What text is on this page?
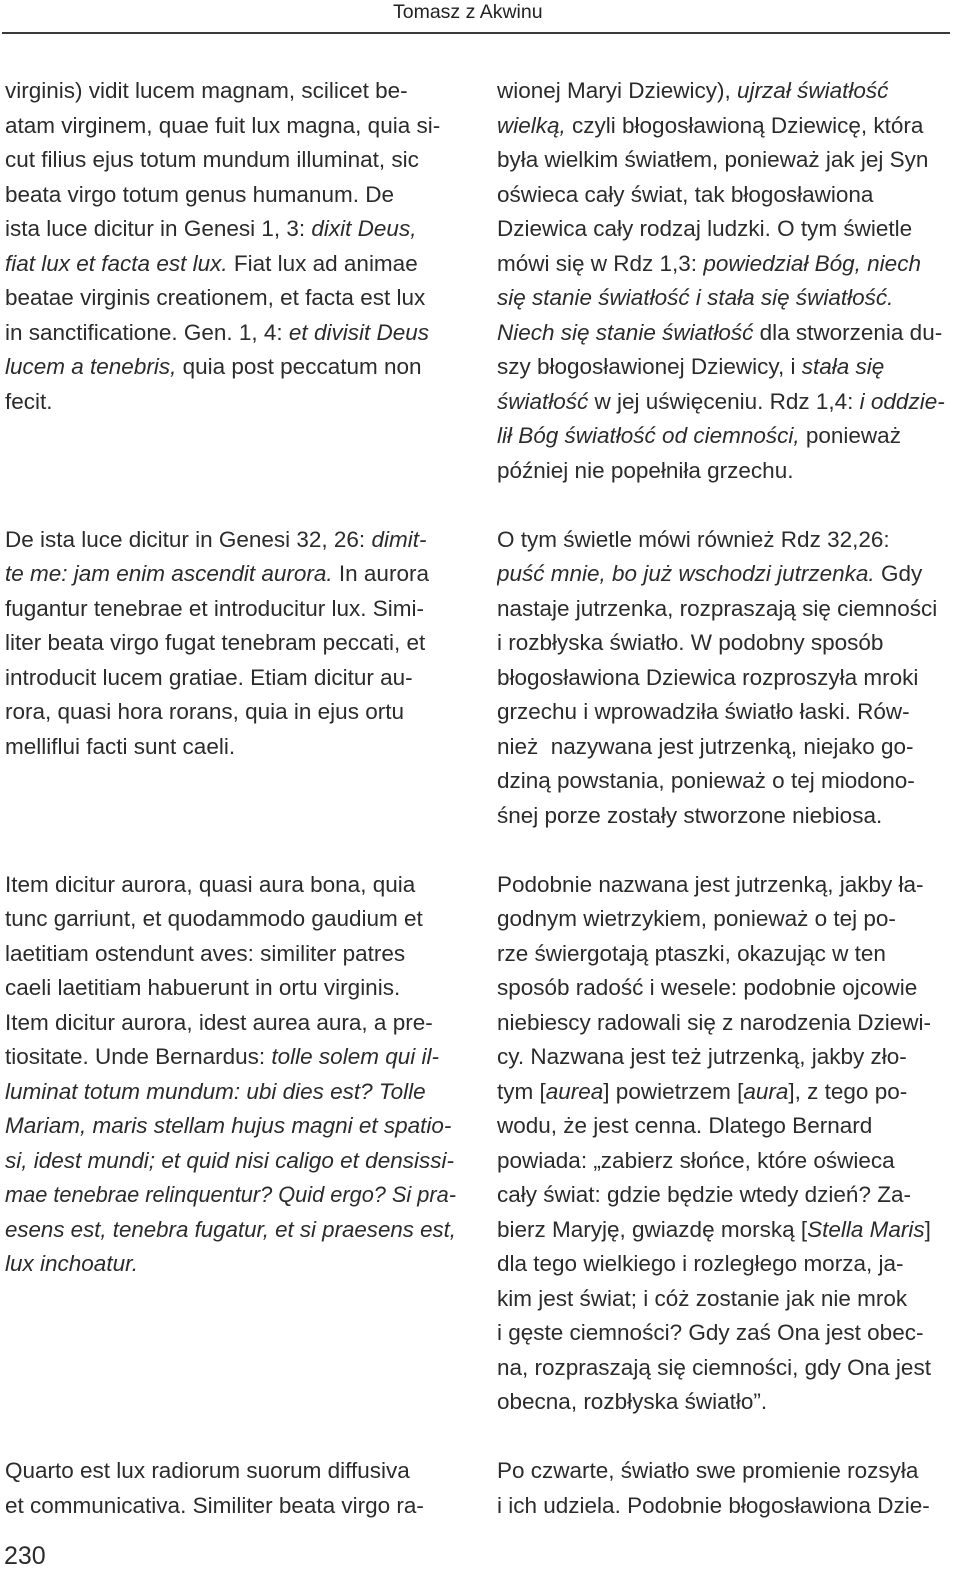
Tomasz z Akwinu
virginis) vidit lucem magnam, scilicet be-
atam virginem, quae fuit lux magna, quia si-
cut filius ejus totum mundum illuminat, sic
beata virgo totum genus humanum. De
ista luce dicitur in Genesi 1, 3: dixit Deus,
fiat lux et facta est lux. Fiat lux ad animae
beatae virginis creationem, et facta est lux
in sanctificatione. Gen. 1, 4: et divisit Deus
lucem a tenebris, quia post peccatum non
fecit.
wionej Maryi Dziewicy), ujrzał światłość
wielką, czyli błogosławioną Dziewicę, która
była wielkim światłem, ponieważ jak jej Syn
oświeca cały świat, tak błogosławiona
Dziewica cały rodzaj ludzki. O tym świetle
mówi się w Rdz 1,3: powiedział Bóg, niech
się stanie światłość i stała się światłość.
Niech się stanie światłość dla stworzenia du-
szy błogosławionej Dziewicy, i stała się
światłość w jej uświęceniu. Rdz 1,4: i oddzie-
lił Bóg światłość od ciemności, ponieważ
później nie popełniła grzechu.
De ista luce dicitur in Genesi 32, 26: dimit-
te me: jam enim ascendit aurora. In aurora
fugantur tenebrae et introducitur lux. Simi-
liter beata virgo fugat tenebram peccati, et
introducit lucem gratiae. Etiam dicitur au-
rora, quasi hora rorans, quia in ejus ortu
melliflui facti sunt caeli.
O tym świetle mówi również Rdz 32,26:
puść mnie, bo już wschodzi jutrzenka. Gdy
nastaje jutrzenka, rozpraszają się ciemności
i rozbłyska światło. W podobny sposób
błogosławiona Dziewica rozproszyła mroki
grzechu i wprowadziła światło łaski. Rów-
nież  nazywana jest jutrzenką, niejako go-
dziną powstania, ponieważ o tej miodono-
śnej porze zostały stworzone niebiosa.
Item dicitur aurora, quasi aura bona, quia
tunc garriunt, et quodammodo gaudium et
laetitiam ostendunt aves: similiter patres
caeli laetitiam habuerunt in ortu virginis.
Item dicitur aurora, idest aurea aura, a pre-
tiositate. Unde Bernardus: tolle solem qui il-
luminat totum mundum: ubi dies est? Tolle
Mariam, maris stellam hujus magni et spatio-
si, idest mundi; et quid nisi caligo et densissi-
mae tenebrae relinquentur? Quid ergo? Si pra-
esens est, tenebra fugatur, et si praesens est,
lux inchoatur.
Podobnie nazwana jest jutrzenką, jakby ła-
godnym wietrzykiem, ponieważ o tej po-
rze świergotają ptaszki, okazując w ten
sposób radość i wesele: podobnie ojcowie
niebiescy radowali się z narodzenia Dziewi-
cy. Nazwana jest też jutrzenką, jakby zło-
tym [aurea] powietrzem [aura], z tego po-
wodu, że jest cenna. Dlatego Bernard
powiada: „zabierz słońce, które oświeca
cały świat: gdzie będzie wtedy dzień? Za-
bierz Maryję, gwiazdę morską [Stella Maris]
dla tego wielkiego i rozległego morza, ja-
kim jest świat; i cóż zostanie jak nie mrok
i gęste ciemności? Gdy zaś Ona jest obec-
na, rozpraszają się ciemności, gdy Ona jest
obecna, rozbłyska światło”.
Quarto est lux radiorum suorum diffusiva
et communicativa. Similiter beata virgo ra-
Po czwarte, światło swe promienie rozsyła
i ich udziela. Podobnie błogosławiona Dzie-
230
